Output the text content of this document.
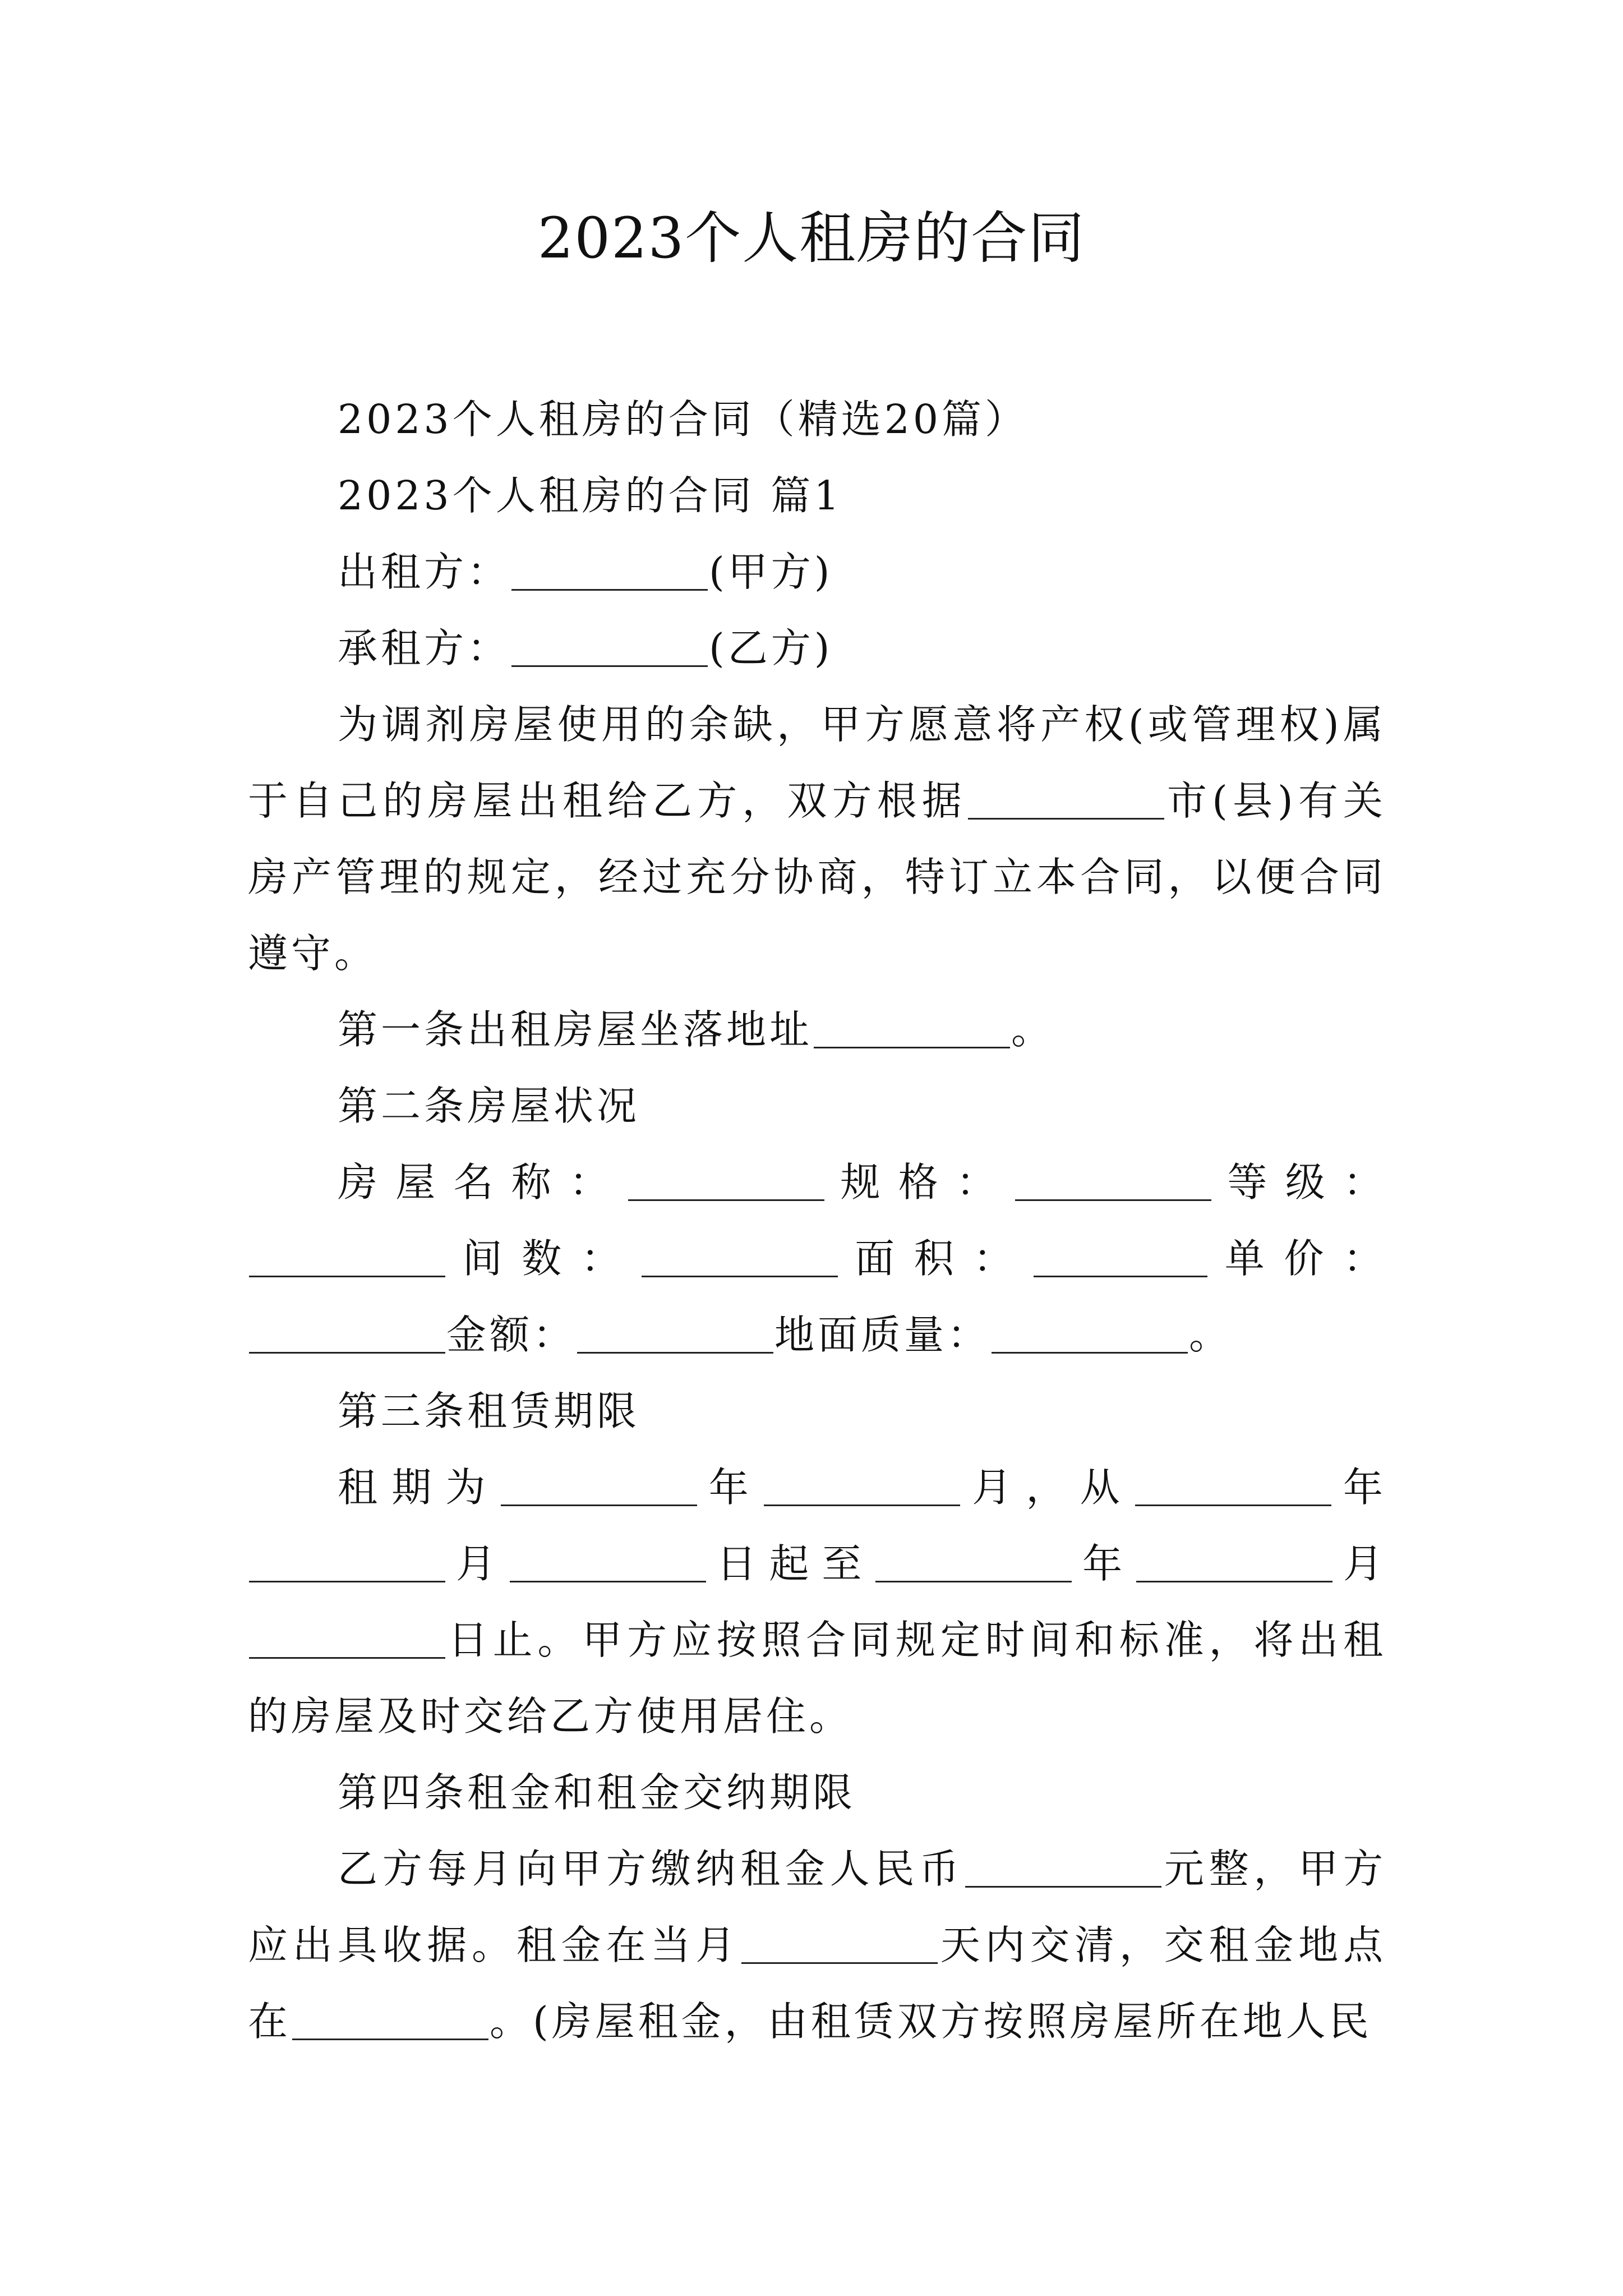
2023个人租房的合同

2023个人租房的合同（精选20篇）

2023个人租房的合同 篇1

出租方：	(甲方)

承租方：	(乙方)

为调剂房屋使用的余缺，甲方愿意将产权(或管理权)属于自己的房屋出租给乙方，双方根据	市(县)有关房产管理的规定，经过充分协商，特订立本合同，以便合同遵守。

第一条出租房屋坐落地址	。

第二条房屋状况

房屋名称：	规格：	等级：间数：	面积：	单价：金额：	地面质量：	。

第三条租赁期限

租期为	年	月，从	年月	日起至	年	月日止。甲方应按照合同规定时间和标准，将出租的房屋及时交给乙方使用居住。

第四条租金和租金交纳期限

乙方每月向甲方缴纳租金人民币	元整，甲方应出具收据。租金在当月	天内交清，交租金地点在	。(房屋租金，由租赁双方按照房屋所在地人民
